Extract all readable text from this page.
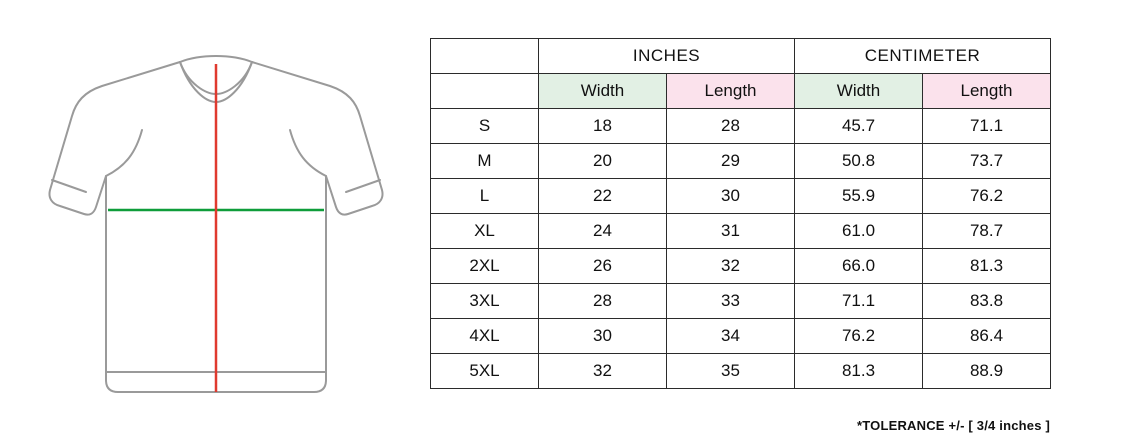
	INCHES		CENTIMETER	
	Width	Length	Width	Length
S	18	28	45.7	71.1
M	20	29	50.8	73.7
L	22	30	55.9	76.2
XL	24	31	61.0	78.7
2XL	26	32	66.0	81.3
3XL	28	33	71.1	83.8
4XL	30	34	76.2	86.4
5XL	32	35	81.3	88.9
*TOLERANCE +/- [ 3/4 inches ]
